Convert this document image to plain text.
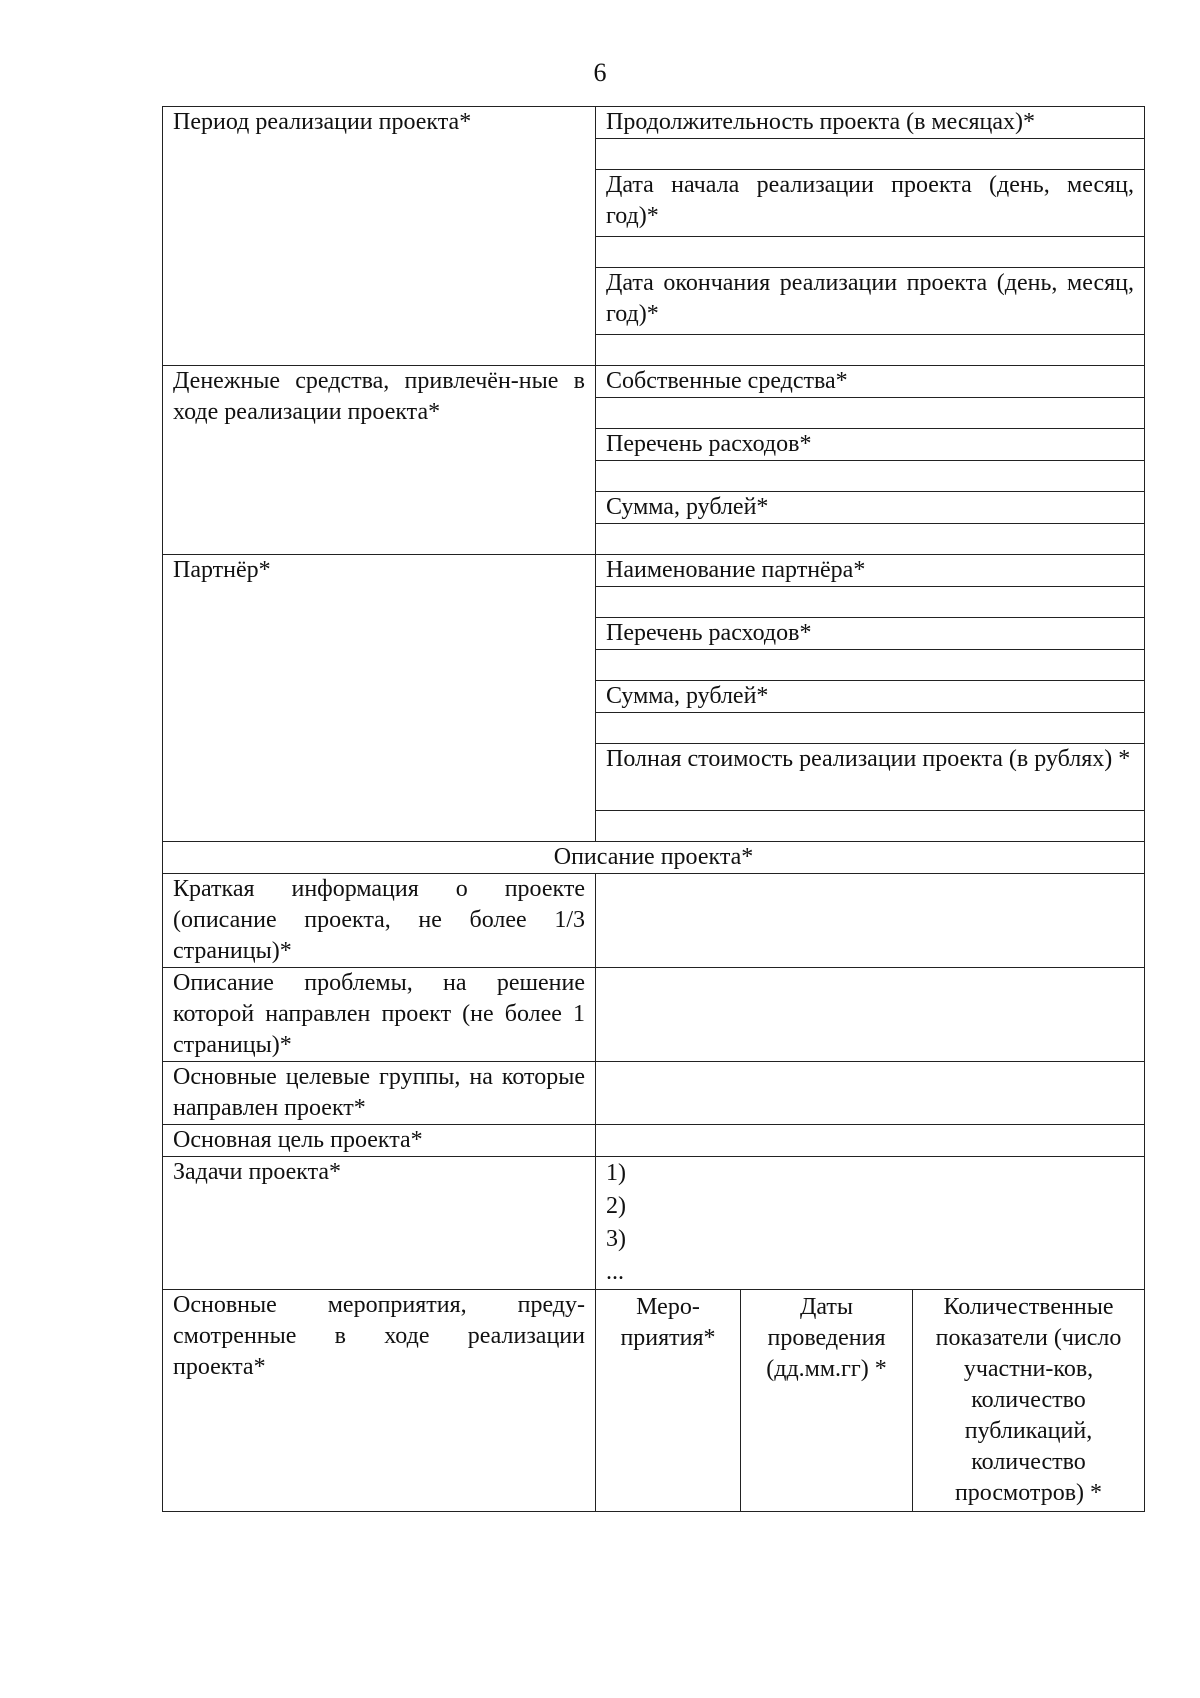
6
Период реализации проекта*	Продолжительность проекта (в месяцах)*		

	Дата начала реализации проекта (день, месяц, год)*		

	Дата окончания реализации проекта (день, месяц, год)*		

Денежные средства, привлечён-ные в ходе реализации проекта*	Собственные средства*		

	Перечень расходов*		

	Сумма, рублей*		

Партнёр*	Наименование партнёра*		

	Перечень расходов*		

	Сумма, рублей*		

	Полная стоимость реализации проекта (в рублях) *		

Описание проекта*			

Краткая информация о проекте (описание проекта, не более 1/3 страницы)*			

Описание проблемы, на решение которой направлен проект (не более 1 страницы)*			

Основные целевые группы, на которые направлен проект*			

Основная цель проекта*			

Задачи проекта*	1)
2)
3)
...		

Основные мероприятия, преду-смотренные в ходе реализации проекта*	Меро-приятия*	Даты проведения (дд.мм.гг) *	Количественные показатели (число участни-ков, количество публикаций, количество просмотров) *
